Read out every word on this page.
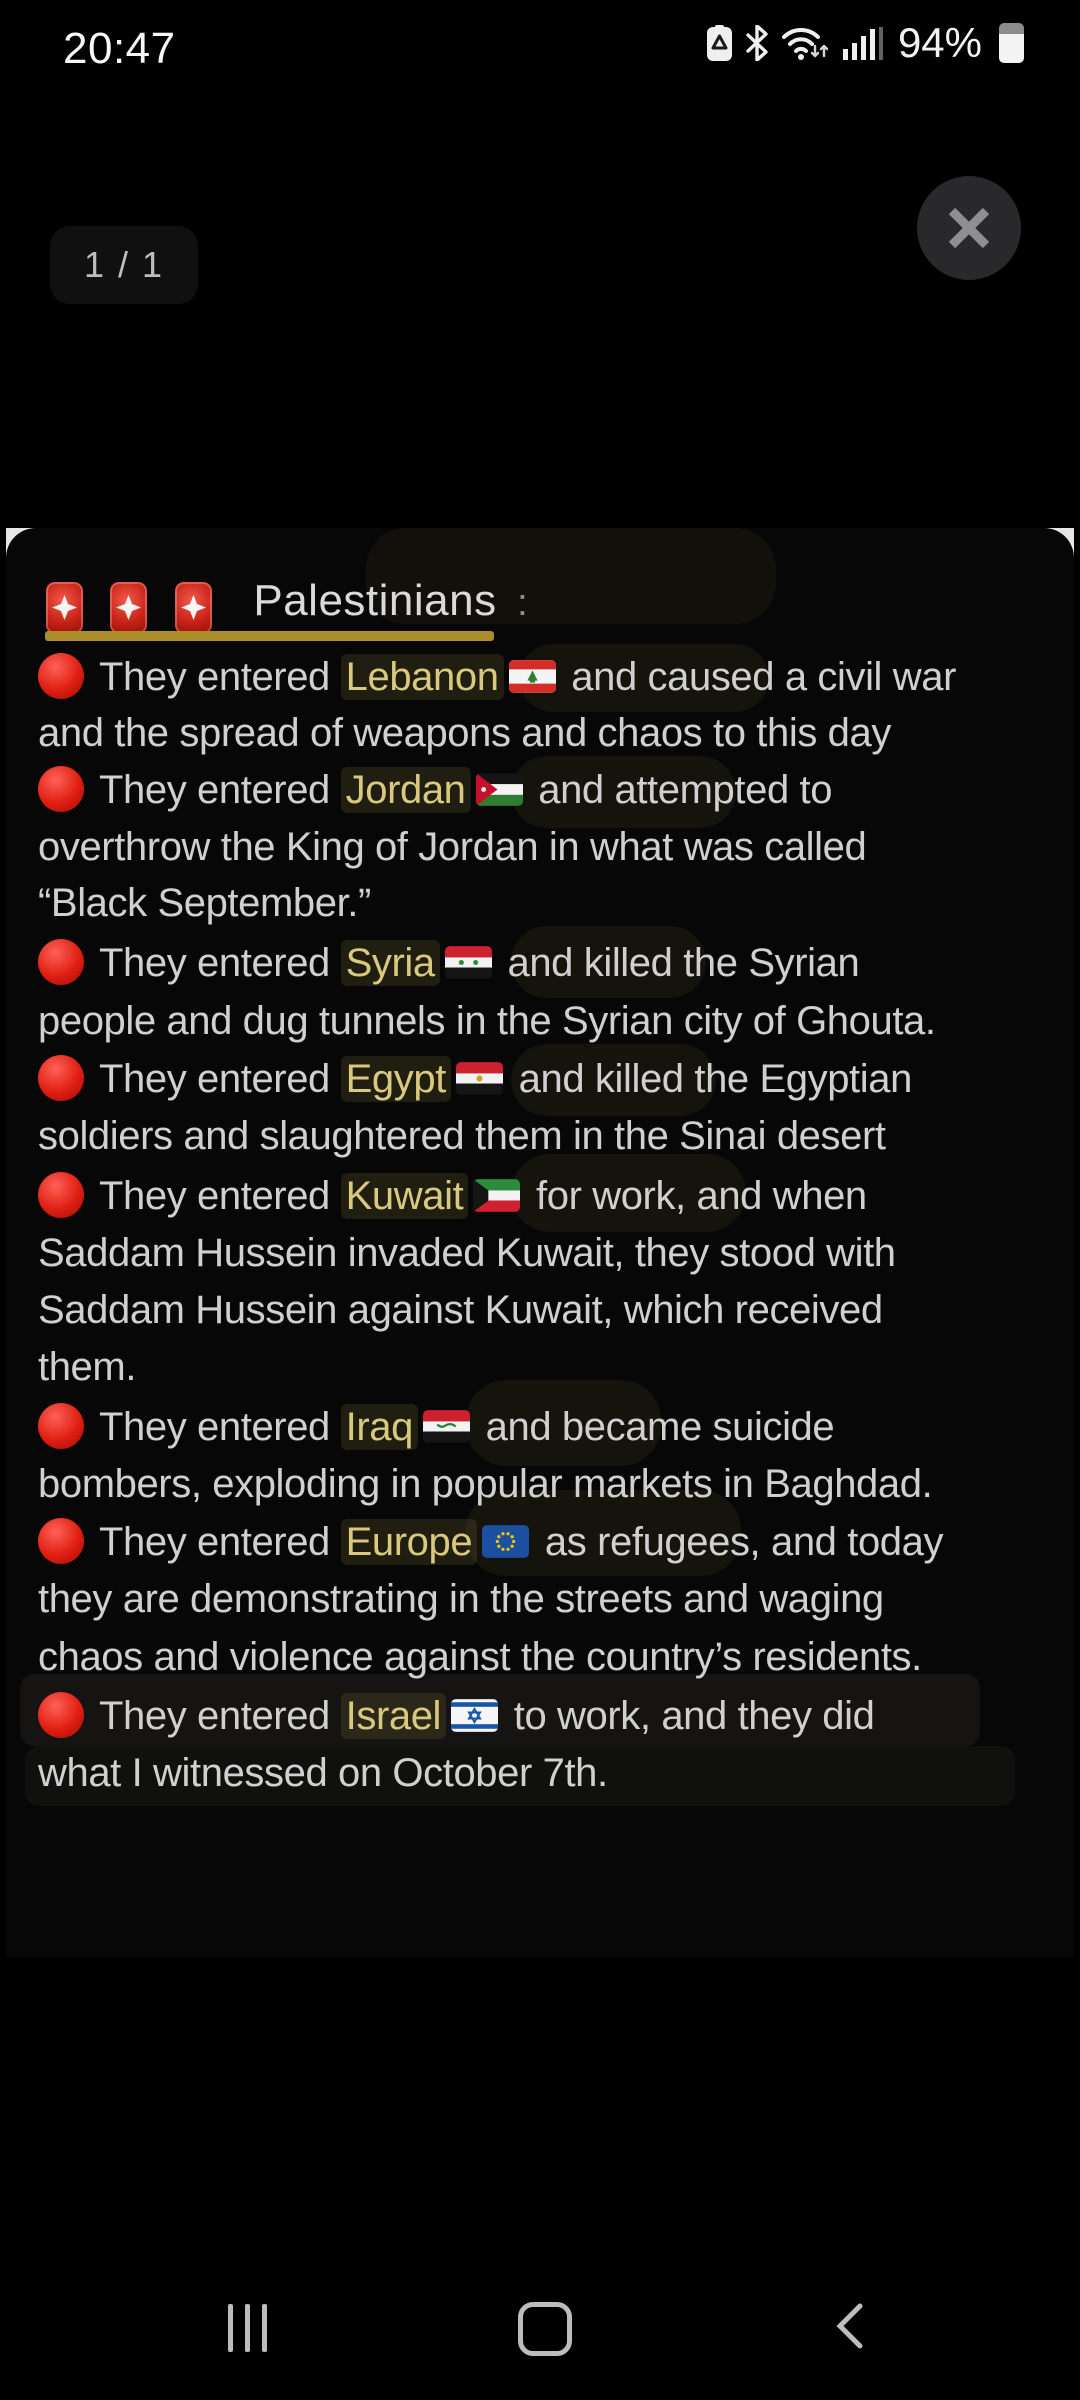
20:47	94%
1 / 1

Palestinians :
They entered Lebanon and caused a civil war
and the spread of weapons and chaos to this day
They entered Jordan and attempted to
overthrow the King of Jordan in what was called
“Black September.”
They entered Syria and killed the Syrian
people and dug tunnels in the Syrian city of Ghouta.
They entered Egypt and killed the Egyptian
soldiers and slaughtered them in the Sinai desert
They entered Kuwait for work, and when
Saddam Hussein invaded Kuwait, they stood with
Saddam Hussein against Kuwait, which received
them.
They entered Iraq and became suicide
bombers, exploding in popular markets in Baghdad.
They entered Europe as refugees, and today
they are demonstrating in the streets and waging
chaos and violence against the country’s residents.
They entered Israel to work, and they did
what I witnessed on October 7th.
